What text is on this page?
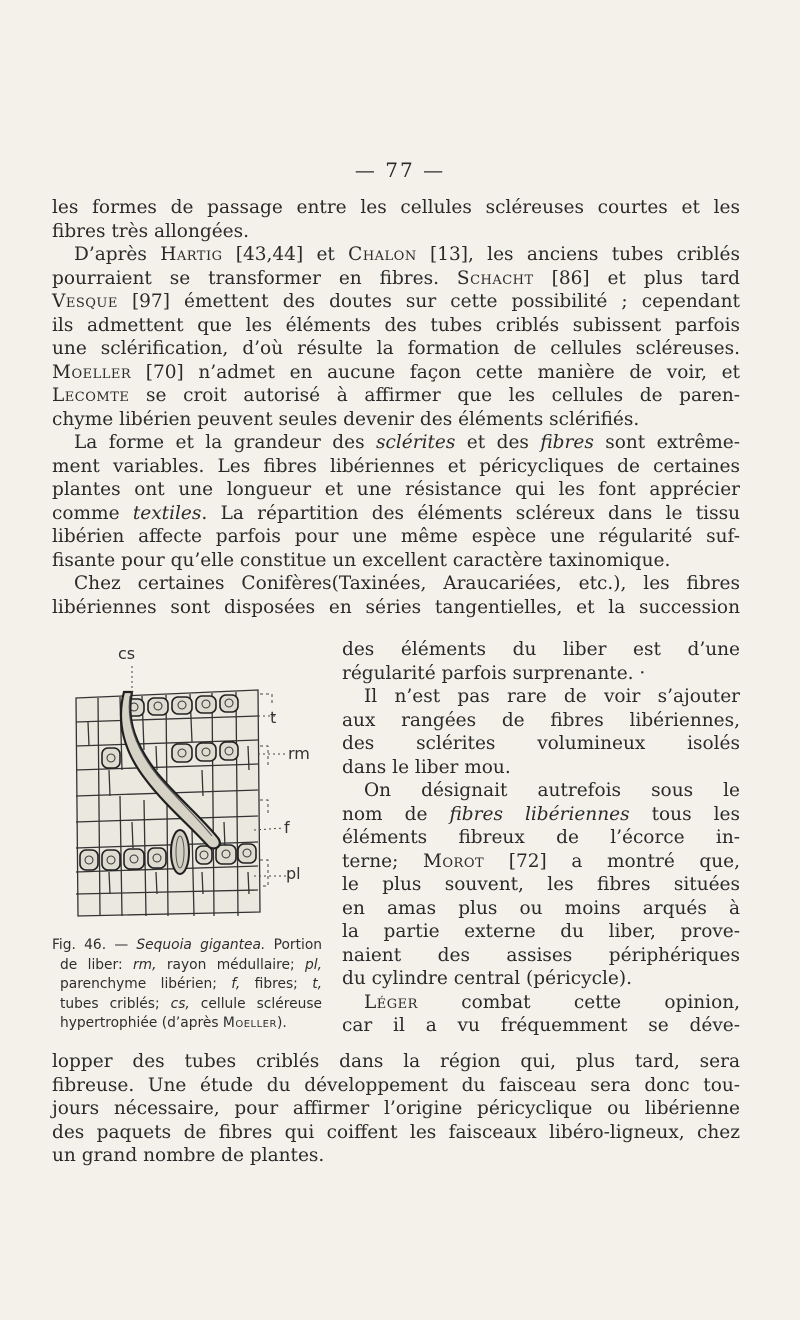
— 77 —
les formes de passage entre les cellules scléreuses courtes et les
fibres très allongées.
D’après Hartig [43,44] et Chalon [13], les anciens tubes criblés
pourraient se transformer en fibres. Schacht [86] et plus tard
Vesque [97] émettent des doutes sur cette possibilité ; cependant
ils admettent que les éléments des tubes criblés subissent parfois
une sclérification, d’où résulte la formation de cellules scléreuses.
Moeller [70] n’admet en aucune façon cette manière de voir, et
Lecomte se croit autorisé à affirmer que les cellules de paren-
chyme libérien peuvent seules devenir des éléments sclérifiés.
La forme et la grandeur des sclérites et des fibres sont extrême-
ment variables. Les fibres libériennes et péricycliques de certaines
plantes ont une longueur et une résistance qui les font apprécier
comme textiles. La répartition des éléments scléreux dans le tissu
libérien affecte parfois pour une même espèce une régularité suf-
fisante pour qu’elle constitue un excellent caractère taxinomique.
Chez certaines Conifères(Taxinées, Araucariées, etc.), les fibres
libériennes sont disposées en séries tangentielles, et la succession
cs
t
rm
f
pl
des éléments du liber est d’une
régularité parfois surprenante. ·
Il n’est pas rare de voir s’ajouter
aux rangées de fibres libériennes,
des sclérites volumineux isolés
dans le liber mou.
On désignait autrefois sous le
nom de fibres libériennes tous les
éléments fibreux de l’écorce in-
terne; Morot [72] a montré que,
le plus souvent, les fibres situées
en amas plus ou moins arqués à
la partie externe du liber, prove-
naient des assises périphériques
du cylindre central (péricycle).
Léger combat cette opinion,
car il a vu fréquemment se déve-
Fig. 46. — Sequoia gigantea. Portion
de liber: rm, rayon médullaire; pl,
parenchyme libérien; f, fibres; t,
tubes criblés; cs, cellule scléreuse
hypertrophiée (d’après Moeller).
lopper des tubes criblés dans la région qui, plus tard, sera
fibreuse. Une étude du développement du faisceau sera donc tou-
jours nécessaire, pour affirmer l’origine péricyclique ou libérienne
des paquets de fibres qui coiffent les faisceaux libéro-ligneux, chez
un grand nombre de plantes.
